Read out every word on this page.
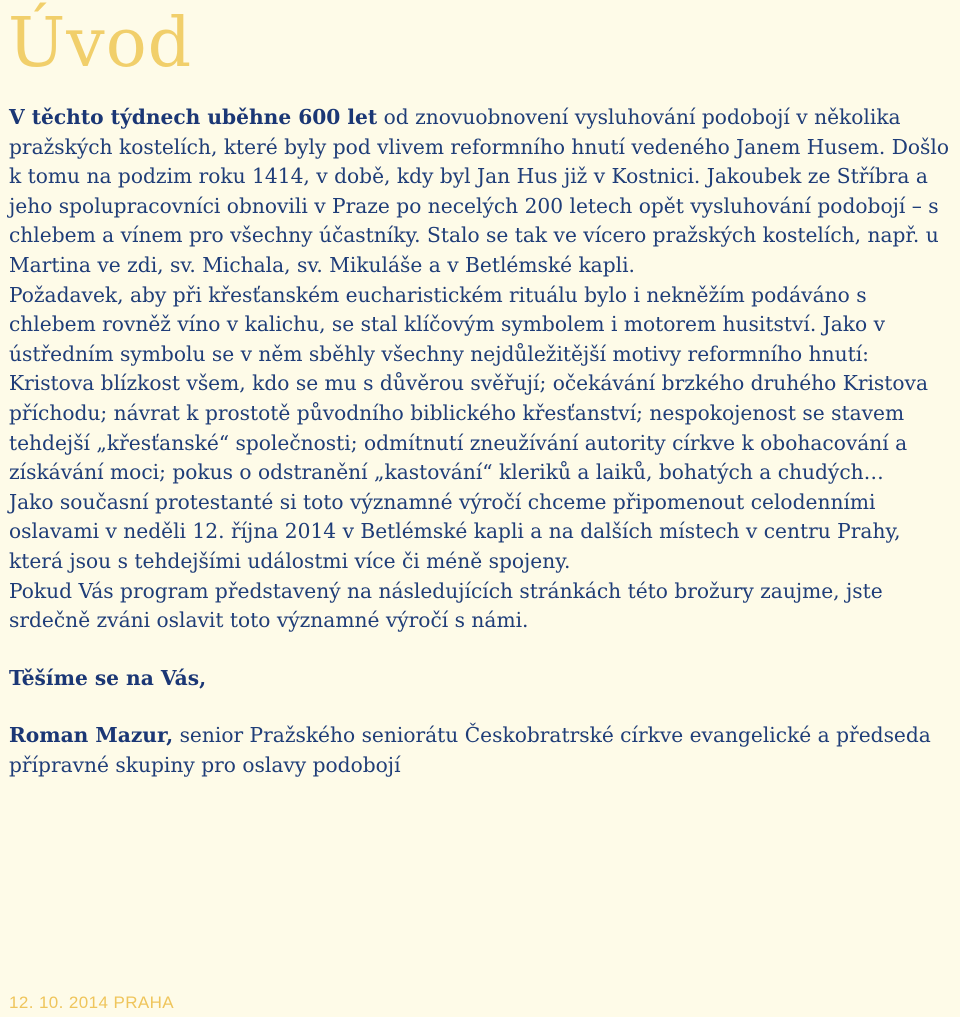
Úvod

V těchto týdnech uběhne 600 let od znovuobnovení vysluhování podobojí v několika pražských kostelích, které byly pod vlivem reformního hnutí vedeného Janem Husem. Došlo k tomu na podzim roku 1414, v době, kdy byl Jan Hus již v Kostnici. Jakoubek ze Stříbra a jeho spolupracovníci obnovili v Praze po necelých 200 letech opět vysluhování podobojí – s chlebem a vínem pro všechny účastníky. Stalo se tak ve vícero pražských kostelích, např. u Martina ve zdi, sv. Michala, sv. Mikuláše a v Betlémské kapli.

Požadavek, aby při křesťanském eucharistickém rituálu bylo i nekněžím podáváno s chlebem rovněž víno v kalichu, se stal klíčovým symbolem i motorem husitství. Jako v ústředním symbolu se v něm sběhly všechny nejdůležitější motivy reformního hnutí: Kristova blízkost všem, kdo se mu s důvěrou svěřují; očekávání brzkého druhého Kristova příchodu; návrat k prostotě původního biblického křesťanství; nespokojenost se stavem tehdejší „křesťanské“ společnosti; odmítnutí zneužívání autority církve k obohacování a získávání moci; pokus o odstranění „kastování“ kleriků a laiků, bohatých a chudých…

Jako současní protestanté si toto významné výročí chceme připomenout celodenními oslavami v neděli 12. října 2014 v Betlémské kapli a na dalších místech v centru Prahy, která jsou s tehdejšími událostmi více či méně spojeny.

Pokud Vás program představený na následujících stránkách této brožury zaujme, jste srdečně zváni oslavit toto významné výročí s námi.

Těšíme se na Vás,

Roman Mazur, senior Pražského seniorátu Českobratrské církve evangelické a předseda přípravné skupiny pro oslavy podobojí

12. 10. 2014 PRAHA
